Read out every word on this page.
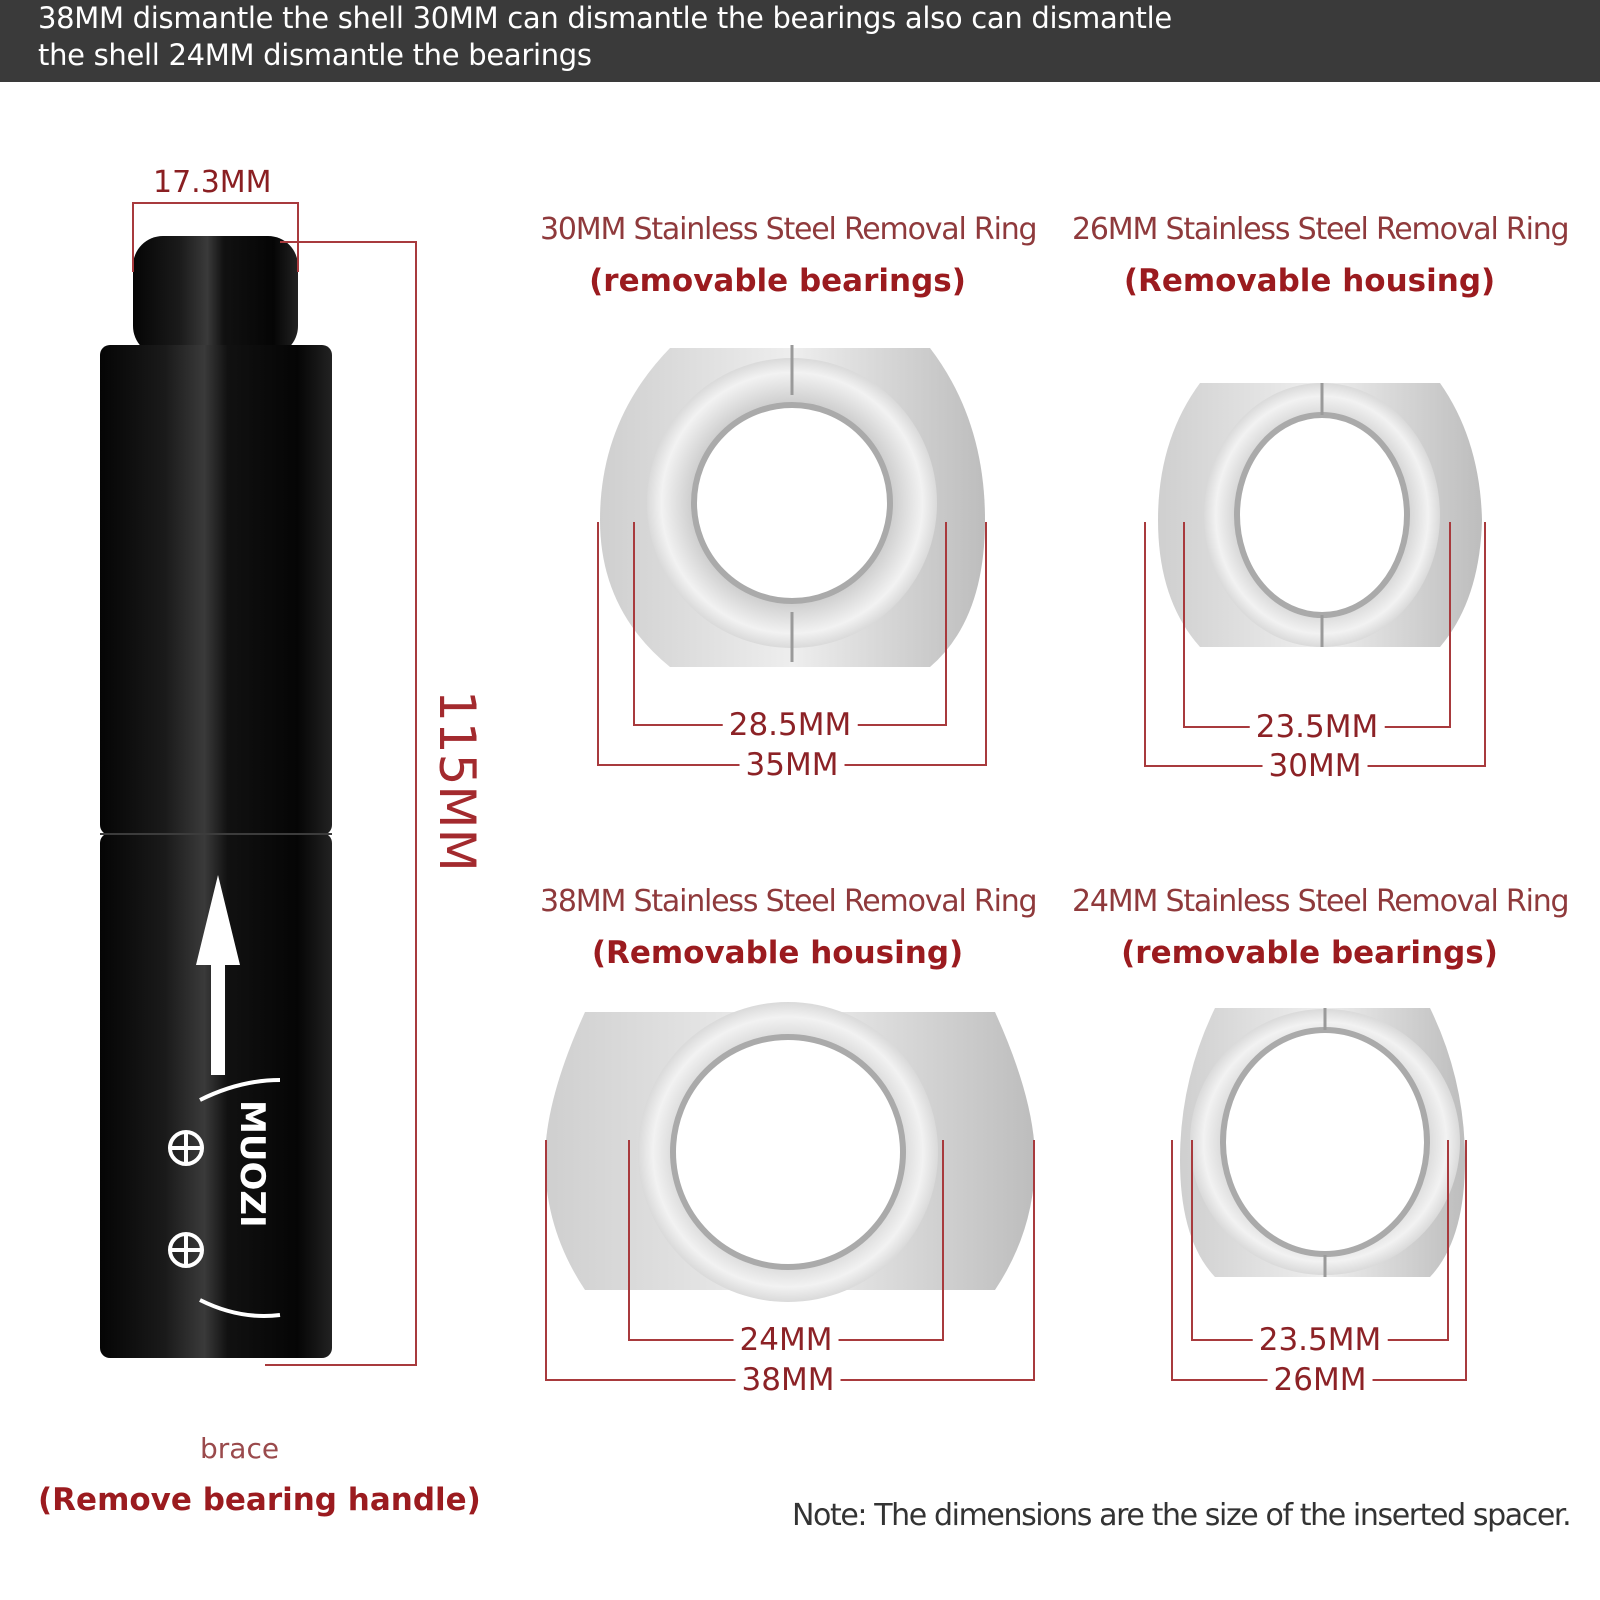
38MM dismantle the shell 30MM can dismantle the bearings also can dismantle
the shell 24MM dismantle the bearings
17.3MM
115MM
brace
(Remove bearing handle)
MUOZI
30MM Stainless Steel Removal Ring
(removable bearings)
28.5MM
35MM
26MM Stainless Steel Removal Ring
(Removable housing)
23.5MM
30MM
38MM Stainless Steel Removal Ring
(Removable housing)
24MM
38MM
24MM Stainless Steel Removal Ring
(removable bearings)
23.5MM
26MM
Note: The dimensions are the size of the inserted spacer.
